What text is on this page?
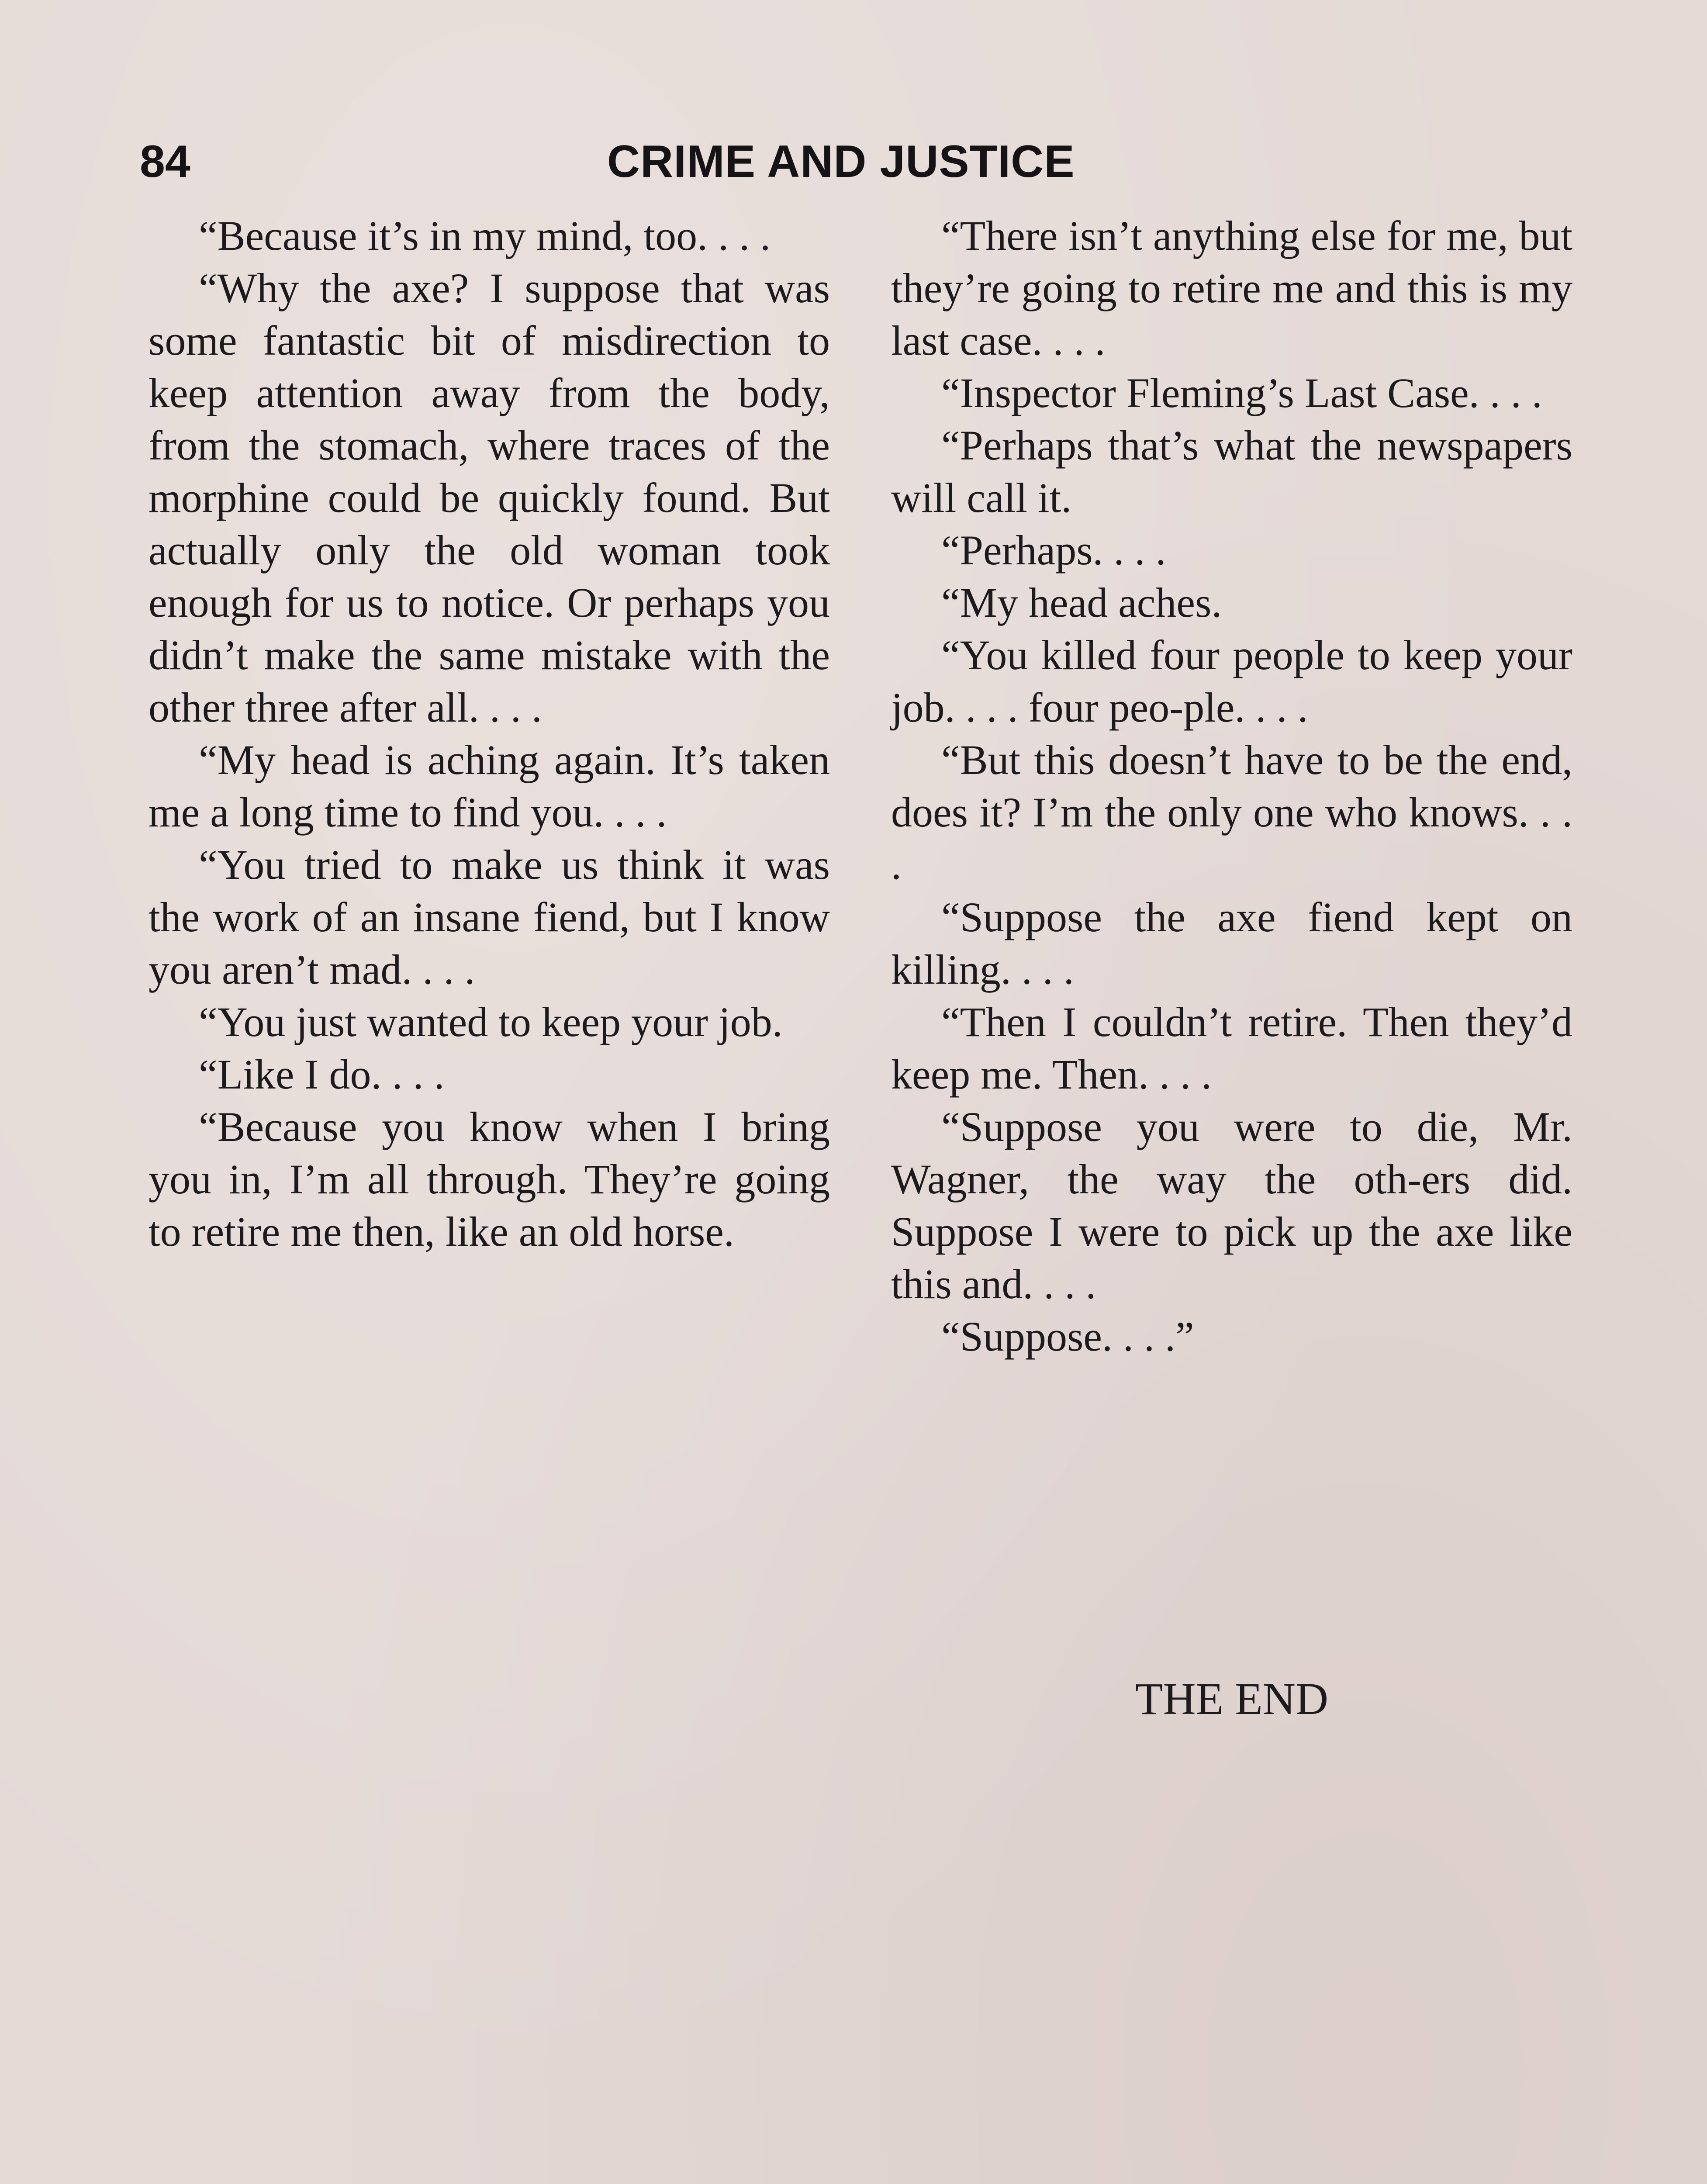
84	CRIME AND JUSTICE

“Because it’s in my mind, too. . . .

“Why the axe? I suppose that was some fantastic bit of misdirection to keep attention away from the body, from the stomach, where traces of the morphine could be quickly found. But actually only the old woman took enough for us to notice. Or perhaps you didn’t make the same mistake with the other three after all. . . .

“My head is aching again. It’s taken me a long time to find you. . . .

“You tried to make us think it was the work of an insane fiend, but I know you aren’t mad. . . .

“You just wanted to keep your job.

“Like I do. . . .

“Because you know when I bring you in, I’m all through. They’re going to retire me then, like an old horse.

“There isn’t anything else for me, but they’re going to retire me and this is my last case. . . .

“Inspector Fleming’s Last Case. . . .

“Perhaps that’s what the newspapers will call it.

“Perhaps. . . .

“My head aches.

“You killed four people to keep your job. . . . four peo-ple. . . .

“But this doesn’t have to be the end, does it? I’m the only one who knows. . . .

“Suppose the axe fiend kept on killing. . . .

“Then I couldn’t retire. Then they’d keep me. Then. . . .

“Suppose you were to die, Mr. Wagner, the way the oth-ers did. Suppose I were to pick up the axe like this and. . . .

“Suppose. . . .”

THE END
